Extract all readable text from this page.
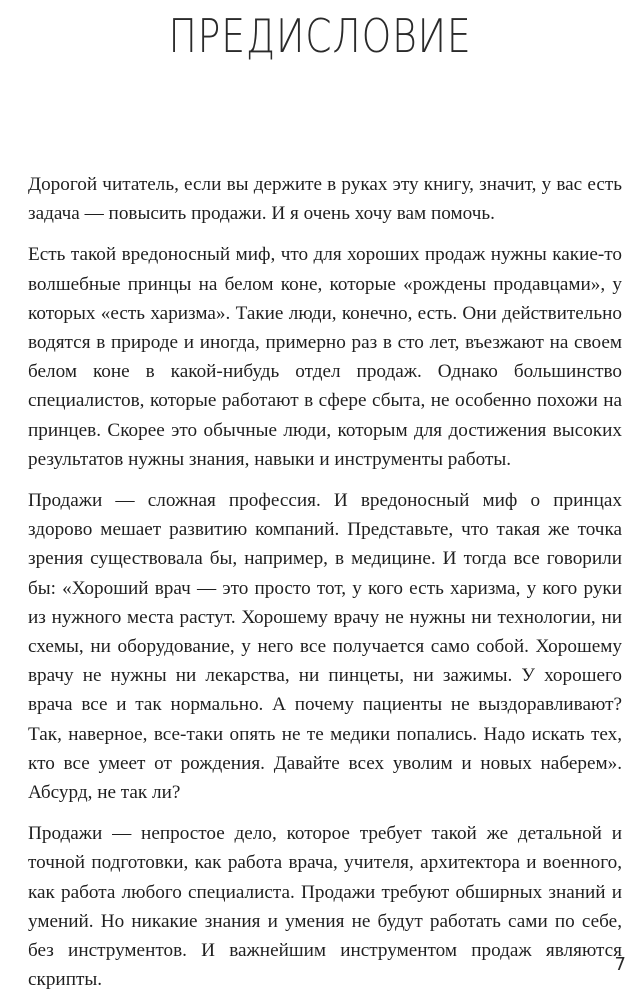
ПРЕДИСЛОВИЕ

Дорогой читатель, если вы держите в руках эту книгу, значит, у вас есть задача — повысить продажи. И я очень хочу вам помочь.

Есть такой вредоносный миф, что для хороших продаж нужны какие-то волшебные принцы на белом коне, которые «рождены продавцами», у которых «есть харизма». Такие люди, конечно, есть. Они действительно водятся в природе и иногда, примерно раз в сто лет, въезжают на своем белом коне в какой-нибудь отдел продаж. Однако большинство специалистов, которые работают в сфере сбыта, не особенно похожи на принцев. Скорее это обычные люди, которым для достижения высоких результатов нужны знания, навыки и инструменты работы.

Продажи — сложная профессия. И вредоносный миф о принцах здорово мешает развитию компаний. Представьте, что такая же точка зрения существовала бы, например, в медицине. И тогда все говорили бы: «Хороший врач — это просто тот, у кого есть харизма, у кого руки из нужного места растут. Хорошему врачу не нужны ни технологии, ни схемы, ни оборудование, у него все получается само собой. Хорошему врачу не нужны ни лекарства, ни пинцеты, ни зажимы. У хорошего врача все и так нормально. А почему пациенты не выздоравливают? Так, наверное, все-таки опять не те медики попались. Надо искать тех, кто все умеет от рождения. Давайте всех уволим и новых наберем». Абсурд, не так ли?

Продажи — непростое дело, которое требует такой же детальной и точной подготовки, как работа врача, учителя, архитектора и военного, как работа любого специалиста. Продажи требуют обширных знаний и умений. Но никакие знания и умения не будут работать сами по себе, без инструментов. И важнейшим инструментом продаж являются скрипты.

7
